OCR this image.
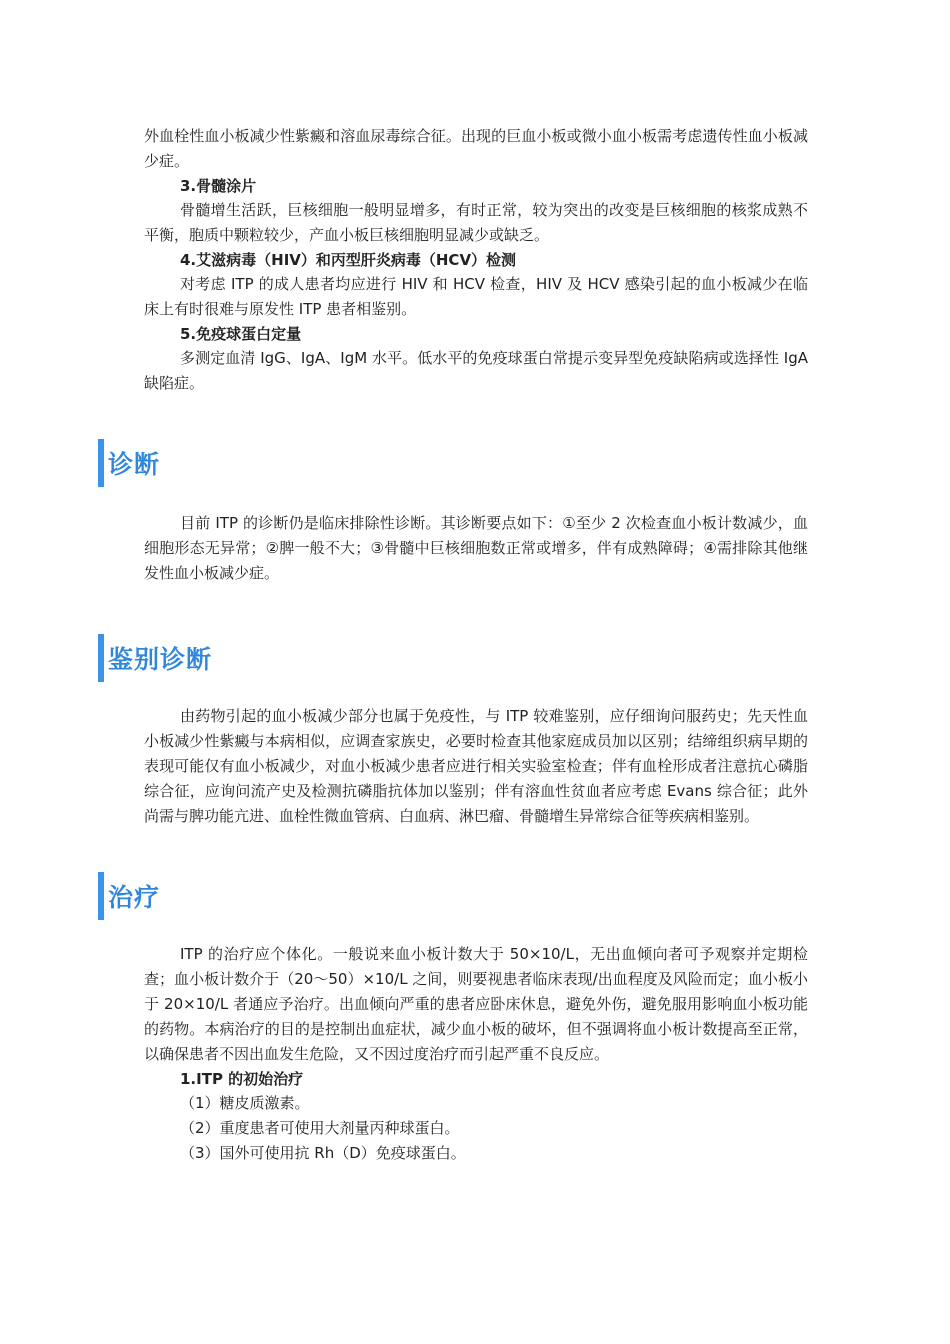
外血栓性血小板减少性紫癜和溶血尿毒综合征。出现的巨血小板或微小血小板需考虑遗传性血小板减少症。

3.骨髓涂片

骨髓增生活跃，巨核细胞一般明显增多，有时正常，较为突出的改变是巨核细胞的核浆成熟不平衡，胞质中颗粒较少，产血小板巨核细胞明显减少或缺乏。

4.艾滋病毒（HIV）和丙型肝炎病毒（HCV）检测

对考虑 ITP 的成人患者均应进行 HIV 和 HCV 检查，HIV 及 HCV 感染引起的血小板减少在临床上有时很难与原发性 ITP 患者相鉴别。

5.免疫球蛋白定量

多测定血清 IgG、IgA、IgM 水平。低水平的免疫球蛋白常提示变异型免疫缺陷病或选择性 IgA 缺陷症。

诊断

目前 ITP 的诊断仍是临床排除性诊断。其诊断要点如下：①至少 2 次检查血小板计数减少，血细胞形态无异常；②脾一般不大；③骨髓中巨核细胞数正常或增多，伴有成熟障碍；④需排除其他继发性血小板减少症。

鉴别诊断

由药物引起的血小板减少部分也属于免疫性，与 ITP 较难鉴别，应仔细询问服药史；先天性血小板减少性紫癜与本病相似，应调查家族史，必要时检查其他家庭成员加以区别；结缔组织病早期的表现可能仅有血小板减少，对血小板减少患者应进行相关实验室检查；伴有血栓形成者注意抗心磷脂综合征，应询问流产史及检测抗磷脂抗体加以鉴别；伴有溶血性贫血者应考虑 Evans 综合征；此外尚需与脾功能亢进、血栓性微血管病、白血病、淋巴瘤、骨髓增生异常综合征等疾病相鉴别。

治疗

ITP 的治疗应个体化。一般说来血小板计数大于 50×10/L，无出血倾向者可予观察并定期检查；血小板计数介于（20～50）×10/L 之间，则要视患者临床表现/出血程度及风险而定；血小板小于 20×10/L 者通应予治疗。出血倾向严重的患者应卧床休息，避免外伤，避免服用影响血小板功能的药物。本病治疗的目的是控制出血症状，减少血小板的破坏，但不强调将血小板计数提高至正常，以确保患者不因出血发生危险，又不因过度治疗而引起严重不良反应。

1.ITP 的初始治疗

（1）糖皮质激素。

（2）重度患者可使用大剂量丙种球蛋白。

（3）国外可使用抗 Rh（D）免疫球蛋白。
